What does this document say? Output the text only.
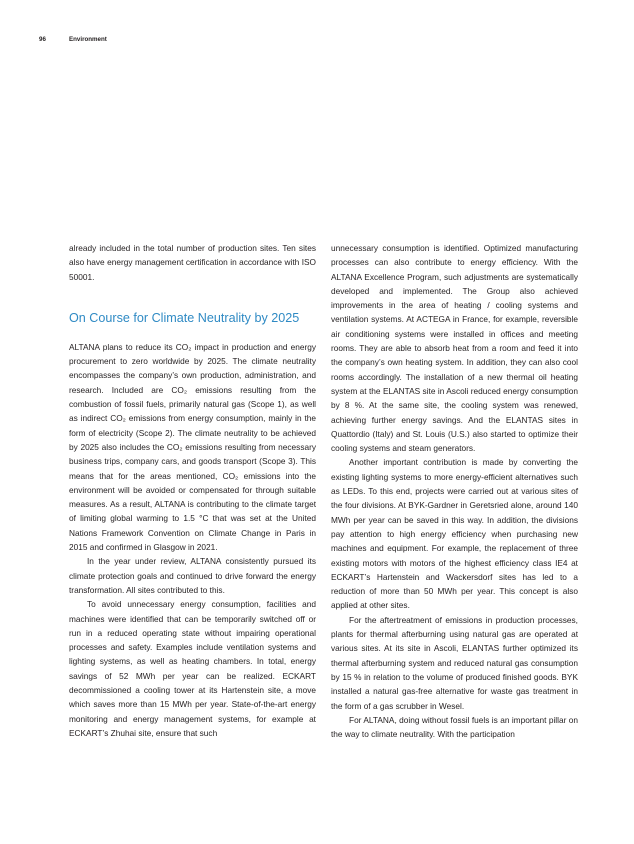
96	Environment

already included in the total number of production sites. Ten sites also have energy management certification in accordance with ISO 50001.

On Course for Climate Neutrality by 2025

ALTANA plans to reduce its CO₂ impact in production and energy procurement to zero worldwide by 2025. The climate neutrality encompasses the company’s own production, administration, and research. Included are CO₂ emissions resulting from the combustion of fossil fuels, primarily natural gas (Scope 1), as well as indirect CO₂ emissions from energy consumption, mainly in the form of electricity (Scope 2). The climate neutrality to be achieved by 2025 also includes the CO₂ emissions resulting from necessary business trips, company cars, and goods transport (Scope 3). This means that for the areas mentioned, CO₂ emissions into the environment will be avoided or compensated for through suitable measures. As a result, ALTANA is contributing to the climate target of limiting global warming to 1.5 °C that was set at the United Nations Framework Convention on Climate Change in Paris in 2015 and confirmed in Glasgow in 2021.

In the year under review, ALTANA consistently pursued its climate protection goals and continued to drive forward the energy transformation. All sites contributed to this.

To avoid unnecessary energy consumption, facilities and machines were identified that can be temporarily switched off or run in a reduced operating state without impairing operational processes and safety. Examples include ventilation systems and lighting systems, as well as heating chambers. In total, energy savings of 52 MWh per year can be realized. ECKART decommissioned a cooling tower at its Hartenstein site, a move which saves more than 15 MWh per year. State-of-the-art energy monitoring and energy management systems, for example at ECKART’s Zhuhai site, ensure that such

unnecessary consumption is identified. Optimized manufacturing processes can also contribute to energy efficiency. With the ALTANA Excellence Program, such adjustments are systematically developed and implemented. The Group also achieved improvements in the area of heating / cooling systems and ventilation systems. At ACTEGA in France, for example, reversible air conditioning systems were installed in offices and meeting rooms. They are able to absorb heat from a room and feed it into the company’s own heating system. In addition, they can also cool rooms accordingly. The installation of a new thermal oil heating system at the ELANTAS site in Ascoli reduced energy consumption by 8 %. At the same site, the cooling system was renewed, achieving further energy savings. And the ELANTAS sites in Quattordio (Italy) and St. Louis (U.S.) also started to optimize their cooling systems and steam generators.

Another important contribution is made by converting the existing lighting systems to more energy-efficient alternatives such as LEDs. To this end, projects were carried out at various sites of the four divisions. At BYK-Gardner in Geretsried alone, around 140 MWh per year can be saved in this way. In addition, the divisions pay attention to high energy efficiency when purchasing new machines and equipment. For example, the replacement of three existing motors with motors of the highest efficiency class IE4 at ECKART’s Hartenstein and Wackersdorf sites has led to a reduction of more than 50 MWh per year. This concept is also applied at other sites.

For the aftertreatment of emissions in production processes, plants for thermal afterburning using natural gas are operated at various sites. At its site in Ascoli, ELANTAS further optimized its thermal afterburning system and reduced natural gas consumption by 15 % in relation to the volume of produced finished goods. BYK installed a natural gas-free alternative for waste gas treatment in the form of a gas scrubber in Wesel.

For ALTANA, doing without fossil fuels is an important pillar on the way to climate neutrality. With the participation
